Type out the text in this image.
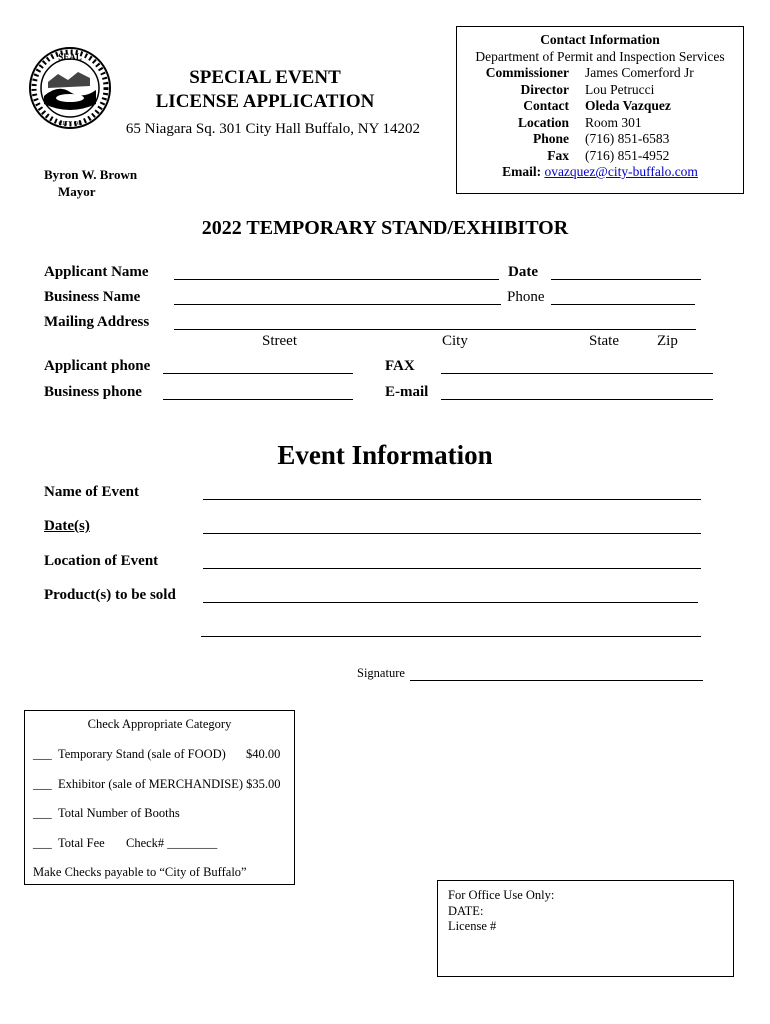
SEAL
CITY OF
SPECIAL EVENT
LICENSE APPLICATION
65 Niagara Sq. 301 City Hall Buffalo, NY 14202
Byron W. Brown
Mayor
Contact Information
Department of Permit and Inspection Services
Commissioner	James Comerford Jr
Director	Lou Petrucci
Contact	Oleda Vazquez
Location	Room 301
Phone	(716) 851-6583
Fax	(716) 851-4952
Email: ovazquez@city-buffalo.com
2022 TEMPORARY STAND/EXHIBITOR
Applicant Name	Date
Business Name	Phone
Mailing Address
Street	City	State	Zip
Applicant phone	FAX
Business phone	E-mail
Event Information
Name of Event
Date(s)
Location of Event
Product(s) to be sold
Signature
Check Appropriate Category
___ Temporary Stand (sale of FOOD) $40.00
___ Exhibitor (sale of MERCHANDISE) $35.00
___ Total Number of Booths
___ Total Fee Check# ________
Make Checks payable to “City of Buffalo”
For Office Use Only:
DATE:
License #
